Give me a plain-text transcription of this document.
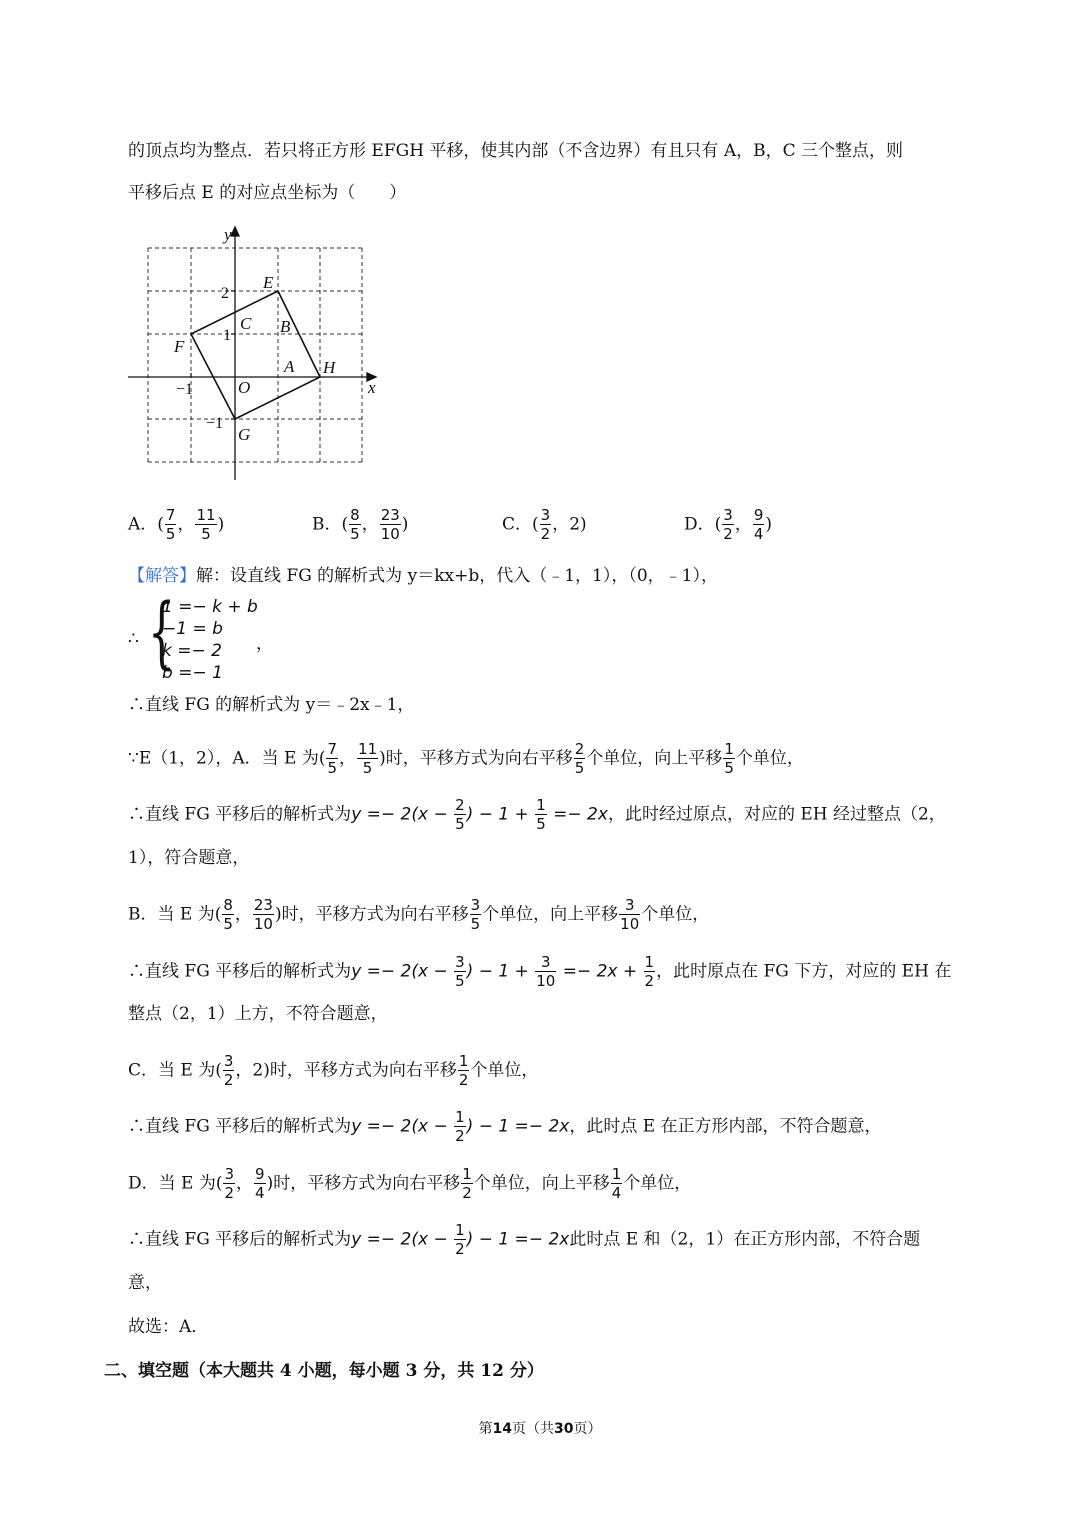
的顶点均为整点．若只将正方形 EFGH 平移，使其内部（不含边界）有且只有 A，B，C 三个整点，则
平移后点 E 的对应点坐标为（　　）
y
x
E
F
G
H
A
B
C
O
2
1
−1
−1
A．( $\frac{7}{5}$ ， $\frac{11}{5}$ )	B．( $\frac{8}{5}$ ， $\frac{23}{10}$ )	C．( $\frac{3}{2}$ ，2)	D．( $\frac{3}{2}$ ， $\frac{9}{4}$ )
【解答】解：设直线 FG 的解析式为 y＝kx+b，代入（﹣1，1），（0，﹣1），
∴ {
1 =− k + b
−1 = b
k =− 2
b =− 1
，
∴直线 FG 的解析式为 y＝﹣2x﹣1，
∵E（1，2），A．当 E 为( $\frac{7}{5}$ ， $\frac{11}{5}$ )时，平移方式为向右平移 $\frac{2}{5}$ 个单位，向上平移 $\frac{1}{5}$ 个单位，
∴直线 FG 平移后的解析式为$y =- 2(x - \frac{2}{5}$ ) − $1 + \frac{1}{5} =- 2x$，此时经过原点，对应的 EH 经过整点（2，
1），符合题意，
B．当 E 为( $\frac{8}{5}$ ， $\frac{23}{10}$ )时，平移方式为向右平移 $\frac{3}{5}$ 个单位，向上平移 $\frac{3}{10}$ 个单位，
∴直线 FG 平移后的解析式为$y =- 2(x - \frac{3}{5}$ ) − $1 + \frac{3}{10} =- 2x + \frac{1}{2}$ ，此时原点在 FG 下方，对应的 EH 在
整点（2，1）上方，不符合题意，
C．当 E 为( $\frac{3}{2}$ ，2)时，平移方式为向右平移 $\frac{1}{2}$ 个单位，
∴直线 FG 平移后的解析式为$y =- 2(x - \frac{1}{2}$ ) − 1 =− 2x，此时点 E 在正方形内部，不符合题意，
D．当 E 为( $\frac{3}{2}$ ， $\frac{9}{4}$ )时，平移方式为向右平移 $\frac{1}{2}$ 个单位，向上平移 $\frac{1}{4}$ 个单位，
∴直线 FG 平移后的解析式为$y =- 2(x - \frac{1}{2}$ ) − 1 =− 2x此时点 E 和（2，1）在正方形内部，不符合题
意，
故选：A．
二、填空题（本大题共 4 小题，每小题 3 分，共 12 分）
第14页（共30页）
